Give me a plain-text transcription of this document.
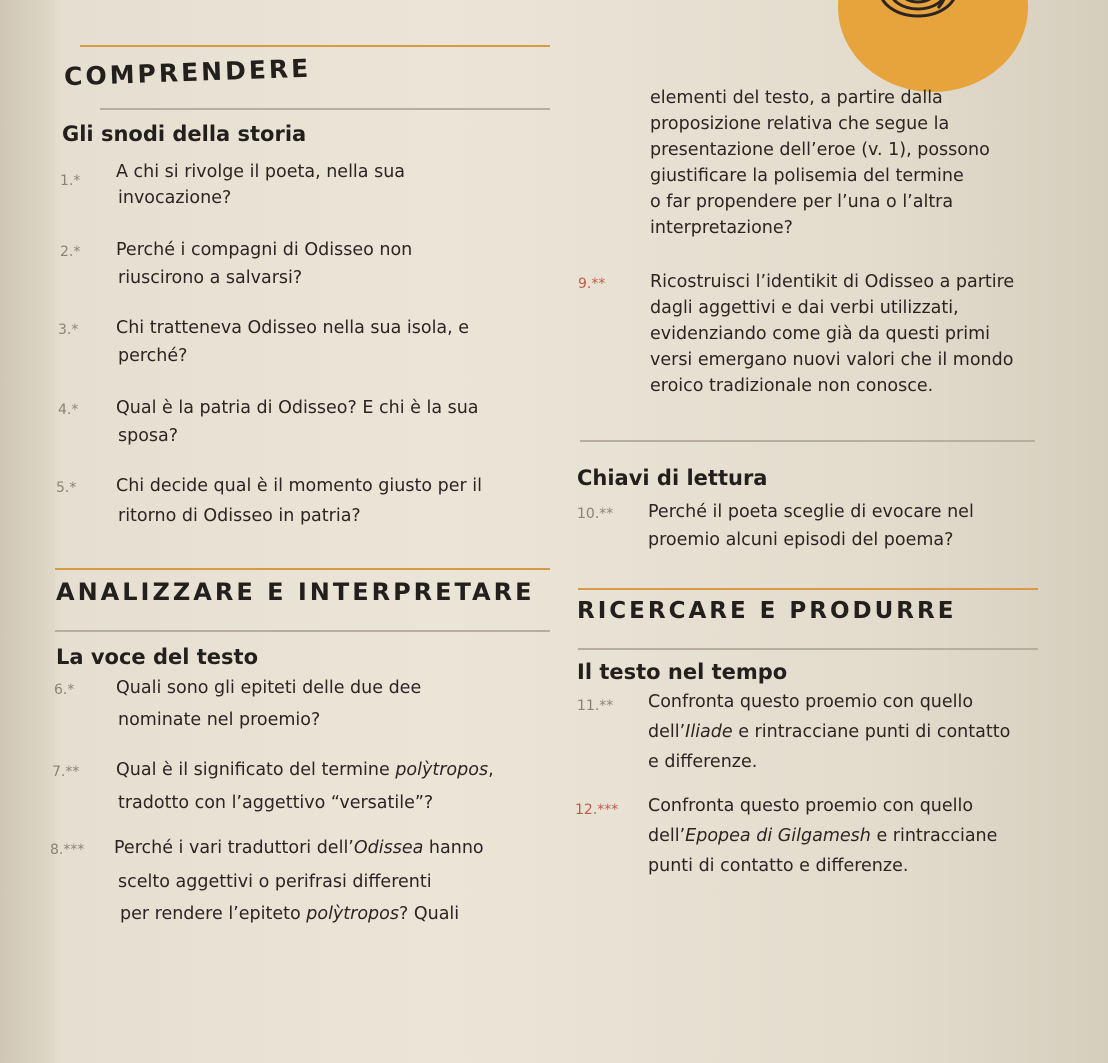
COMPRENDERE
Gli snodi della storia
1.* A chi si rivolge il poeta, nella sua
invocazione?
2.* Perché i compagni di Odisseo non
riuscirono a salvarsi?
3.* Chi tratteneva Odisseo nella sua isola, e
perché?
4.* Qual è la patria di Odisseo? E chi è la sua
sposa?
5.* Chi decide qual è il momento giusto per il
ritorno di Odisseo in patria?
ANALIZZARE E INTERPRETARE
La voce del testo
6.* Quali sono gli epiteti delle due dee
nominate nel proemio?
7.** Qual è il significato del termine polỳtropos,
tradotto con l’aggettivo “versatile”?
8.*** Perché i vari traduttori dell’Odissea hanno
scelto aggettivi o perifrasi differenti
per rendere l’epiteto polỳtropos? Quali
elementi del testo, a partire dalla
proposizione relativa che segue la
presentazione dell’eroe (v. 1), possono
giustificare la polisemia del termine
o far propendere per l’una o l’altra
interpretazione?
9.**	Ricostruisci l’identikit di Odisseo a partire
dagli aggettivi e dai verbi utilizzati,
evidenziando come già da questi primi
versi emergano nuovi valori che il mondo
eroico tradizionale non conosce.
Chiavi di lettura
10.** Perché il poeta sceglie di evocare nel
proemio alcuni episodi del poema?
RICERCARE E PRODURRE
Il testo nel tempo
11.** Confronta questo proemio con quello
dell’Iliade e rintracciane punti di contatto
e differenze.
12.*** Confronta questo proemio con quello
dell’Epopea di Gilgamesh e rintracciane
punti di contatto e differenze.
